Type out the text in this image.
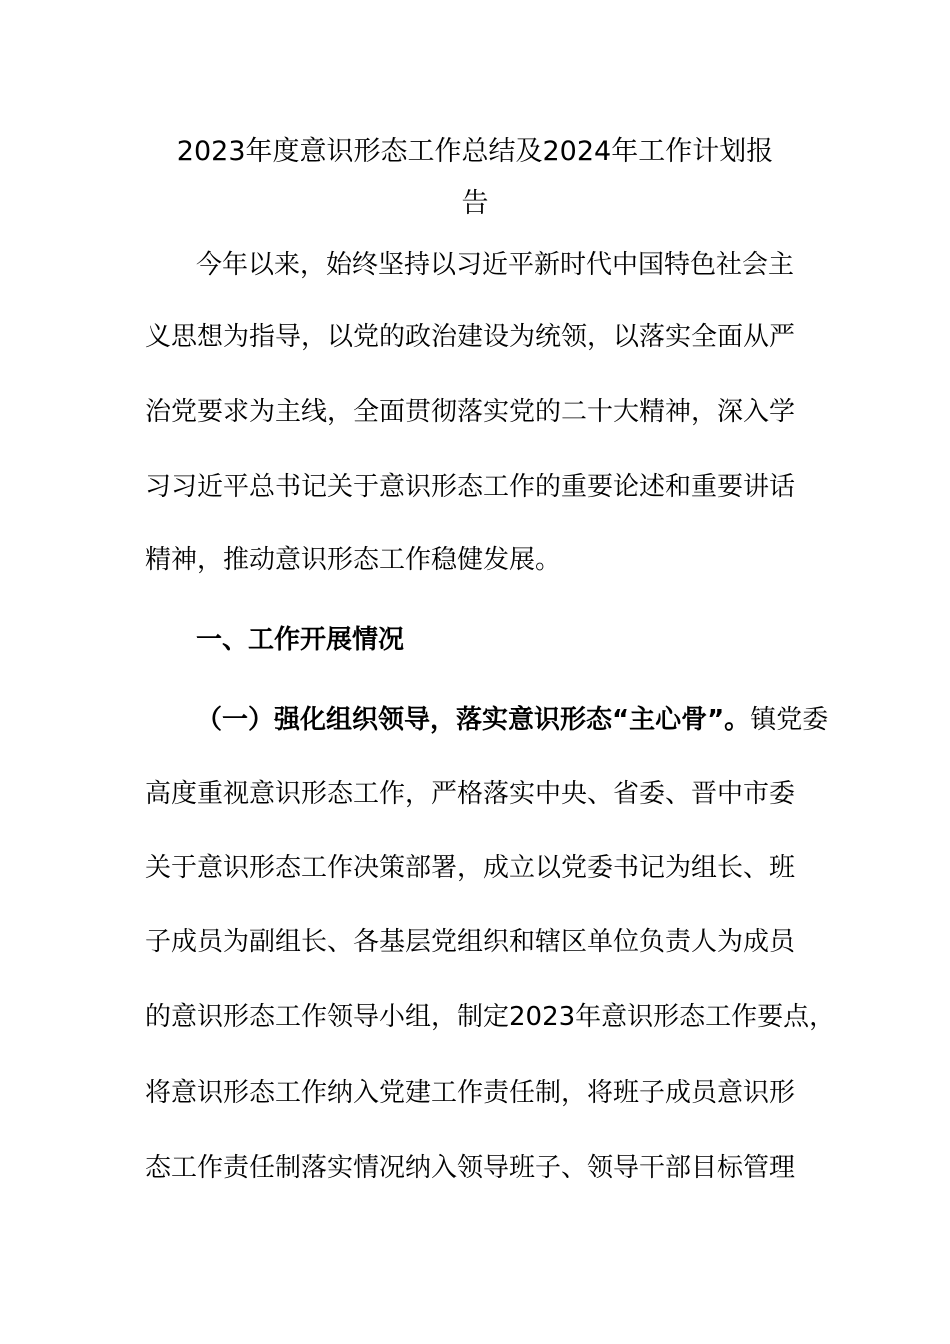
2023年度意识形态工作总结及2024年工作计划报
告
今年以来，始终坚持以习近平新时代中国特色社会主
义思想为指导，以党的政治建设为统领，以落实全面从严
治党要求为主线，全面贯彻落实党的二十大精神，深入学
习习近平总书记关于意识形态工作的重要论述和重要讲话
精神，推动意识形态工作稳健发展。
一、工作开展情况
（一）强化组织领导，落实意识形态“主心骨”。镇党委
高度重视意识形态工作，严格落实中央、省委、晋中市委
关于意识形态工作决策部署，成立以党委书记为组长、班
子成员为副组长、各基层党组织和辖区单位负责人为成员
的意识形态工作领导小组，制定2023年意识形态工作要点，
将意识形态工作纳入党建工作责任制，将班子成员意识形
态工作责任制落实情况纳入领导班子、领导干部目标管理
